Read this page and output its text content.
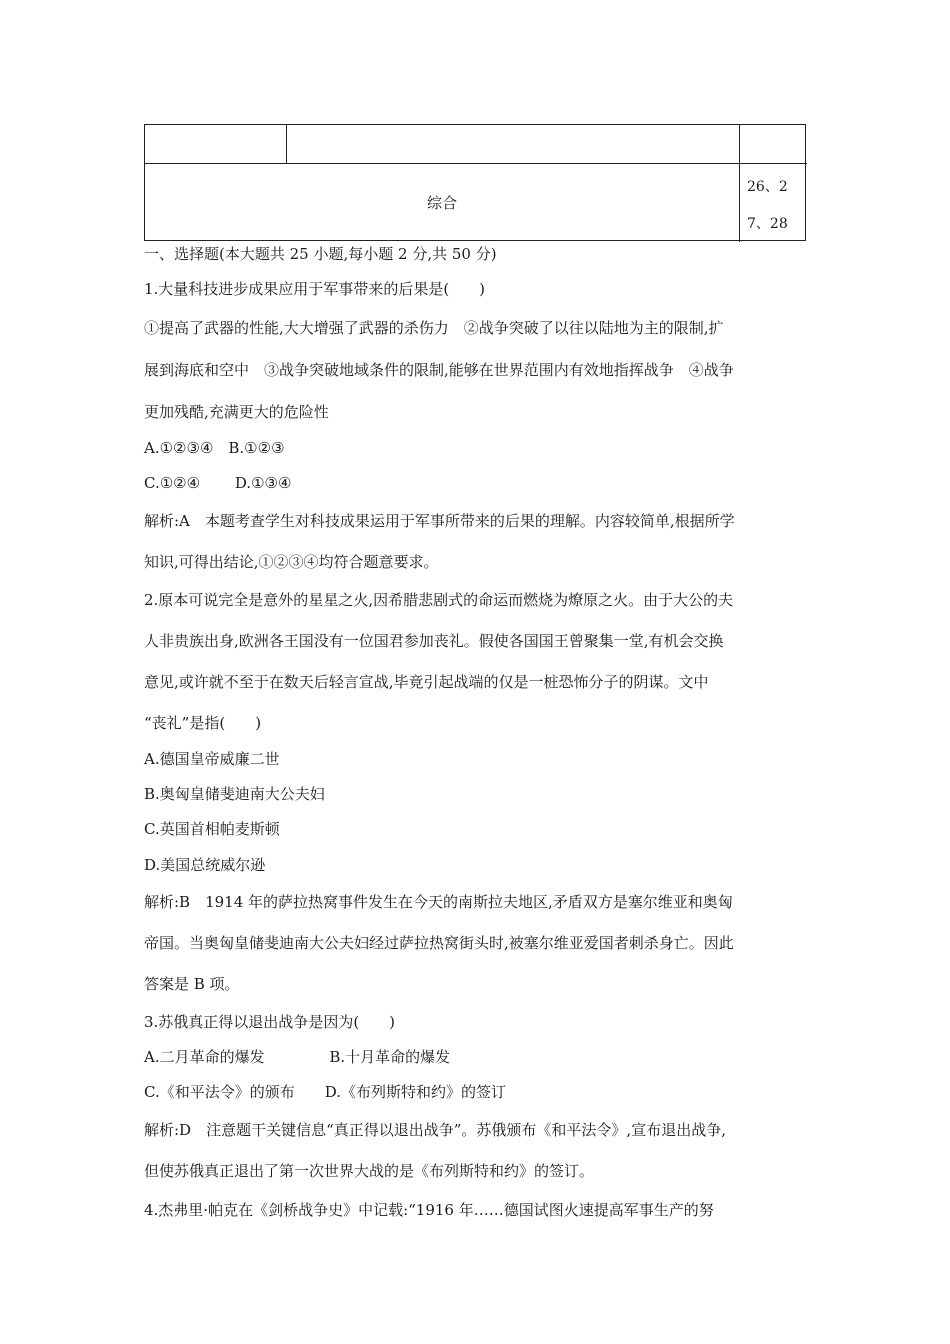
综合
26、2
7、28
一、选择题(本大题共 25 小题,每小题 2 分,共 50 分)
1.大量科技进步成果应用于军事带来的后果是(　　)
①提高了武器的性能,大大增强了武器的杀伤力　②战争突破了以往以陆地为主的限制,扩
展到海底和空中　③战争突破地域条件的限制,能够在世界范围内有效地指挥战争　④战争
更加残酷,充满更大的危险性
A.①②③④　B.①②③
C.①②④　　 D.①③④
解析:A　本题考查学生对科技成果运用于军事所带来的后果的理解。内容较简单,根据所学
知识,可得出结论,①②③④均符合题意要求。
2.原本可说完全是意外的星星之火,因希腊悲剧式的命运而燃烧为燎原之火。由于大公的夫
人非贵族出身,欧洲各王国没有一位国君参加丧礼。假使各国国王曾聚集一堂,有机会交换
意见,或许就不至于在数天后轻言宣战,毕竟引起战端的仅是一桩恐怖分子的阴谋。文中
“丧礼”是指(　　)
A.德国皇帝威廉二世
B.奥匈皇储斐迪南大公夫妇
C.英国首相帕麦斯顿
D.美国总统威尔逊
解析:B　1914 年的萨拉热窝事件发生在今天的南斯拉夫地区,矛盾双方是塞尔维亚和奥匈
帝国。当奥匈皇储斐迪南大公夫妇经过萨拉热窝街头时,被塞尔维亚爱国者刺杀身亡。因此
答案是 B 项。
3.苏俄真正得以退出战争是因为(　　)
A.二月革命的爆发　　　　 B.十月革命的爆发
C.《和平法令》的颁布　　D.《布列斯特和约》的签订
解析:D　注意题干关键信息“真正得以退出战争”。苏俄颁布《和平法令》,宣布退出战争,
但使苏俄真正退出了第一次世界大战的是《布列斯特和约》的签订。
4.杰弗里·帕克在《剑桥战争史》中记载:“1916 年……德国试图火速提高军事生产的努
